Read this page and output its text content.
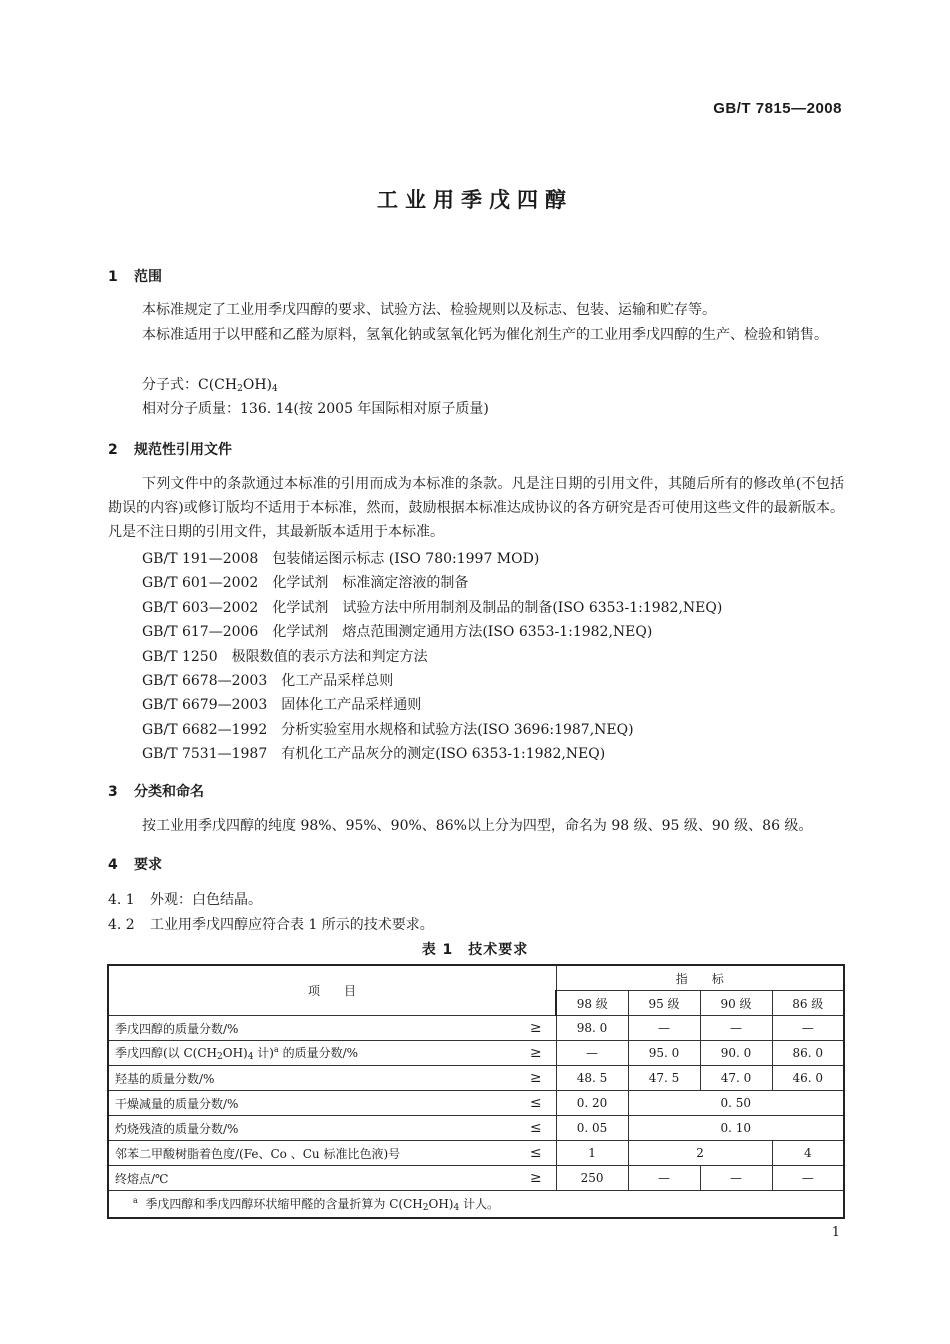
GB/T 7815—2008
工业用季戊四醇
1 范围

本标准规定了工业用季戊四醇的要求、试验方法、检验规则以及标志、包装、运输和贮存等。

本标准适用于以甲醛和乙醛为原料，氢氧化钠或氢氧化钙为催化剂生产的工业用季戊四醇的生产、检验和销售。

分子式：$C(CH_2OH)_4$

相对分子质量：136. 14(按 2005 年国际相对原子质量)

2 规范性引用文件

下列文件中的条款通过本标准的引用而成为本标准的条款。凡是注日期的引用文件，其随后所有的修改单(不包括勘误的内容)或修订版均不适用于本标准，然而，鼓励根据本标准达成协议的各方研究是否可使用这些文件的最新版本。凡是不注日期的引用文件，其最新版本适用于本标准。

GB/T 191—2008　包装储运图示标志 (ISO 780:1997 MOD)
GB/T 601—2002　化学试剂　标准滴定溶液的制备
GB/T 603—2002　化学试剂　试验方法中所用制剂及制品的制备(ISO 6353-1:1982,NEQ)
GB/T 617—2006　化学试剂　熔点范围测定通用方法(ISO 6353-1:1982,NEQ)
GB/T 1250　极限数值的表示方法和判定方法
GB/T 6678—2003　化工产品采样总则
GB/T 6679—2003　固体化工产品采样通则
GB/T 6682—1992　分析实验室用水规格和试验方法(ISO 3696:1987,NEQ)
GB/T 7531—1987　有机化工产品灰分的测定(ISO 6353-1:1982,NEQ)
3 分类和命名

按工业用季戊四醇的纯度 98%、95%、90%、86%以上分为四型，命名为 98 级、95 级、90 级、86 级。

4 要求
4. 1 外观：白色结晶。
4. 2 工业用季戊四醇应符合表 1 所示的技术要求。
表 1　技术要求
项　　目		指　　标			
		98 级	95 级	90 级	86 级
季戊四醇的质量分数/%	≥	98. 0	—	—	—
季戊四醇(以 $C(CH_2OH)_4$ 计)$^a$ 的质量分数/%	≥	—	95. 0	90. 0	86. 0
羟基的质量分数/%	≥	48. 5	47. 5	47. 0	46. 0
干燥减量的质量分数/%	≤	0. 20	0. 50		
灼烧残渣的质量分数/%	≤	0. 05	0. 10		
邻苯二甲酸树脂着色度/(Fe、Co 、Cu 标准比色液)号	≤	1	2		4
终熔点/℃	≥	250	—	—	—
$^a$ 季戊四醇和季戊四醇环状缩甲醛的含量折算为 $C(CH_2OH)_4$ 计人。					
1
